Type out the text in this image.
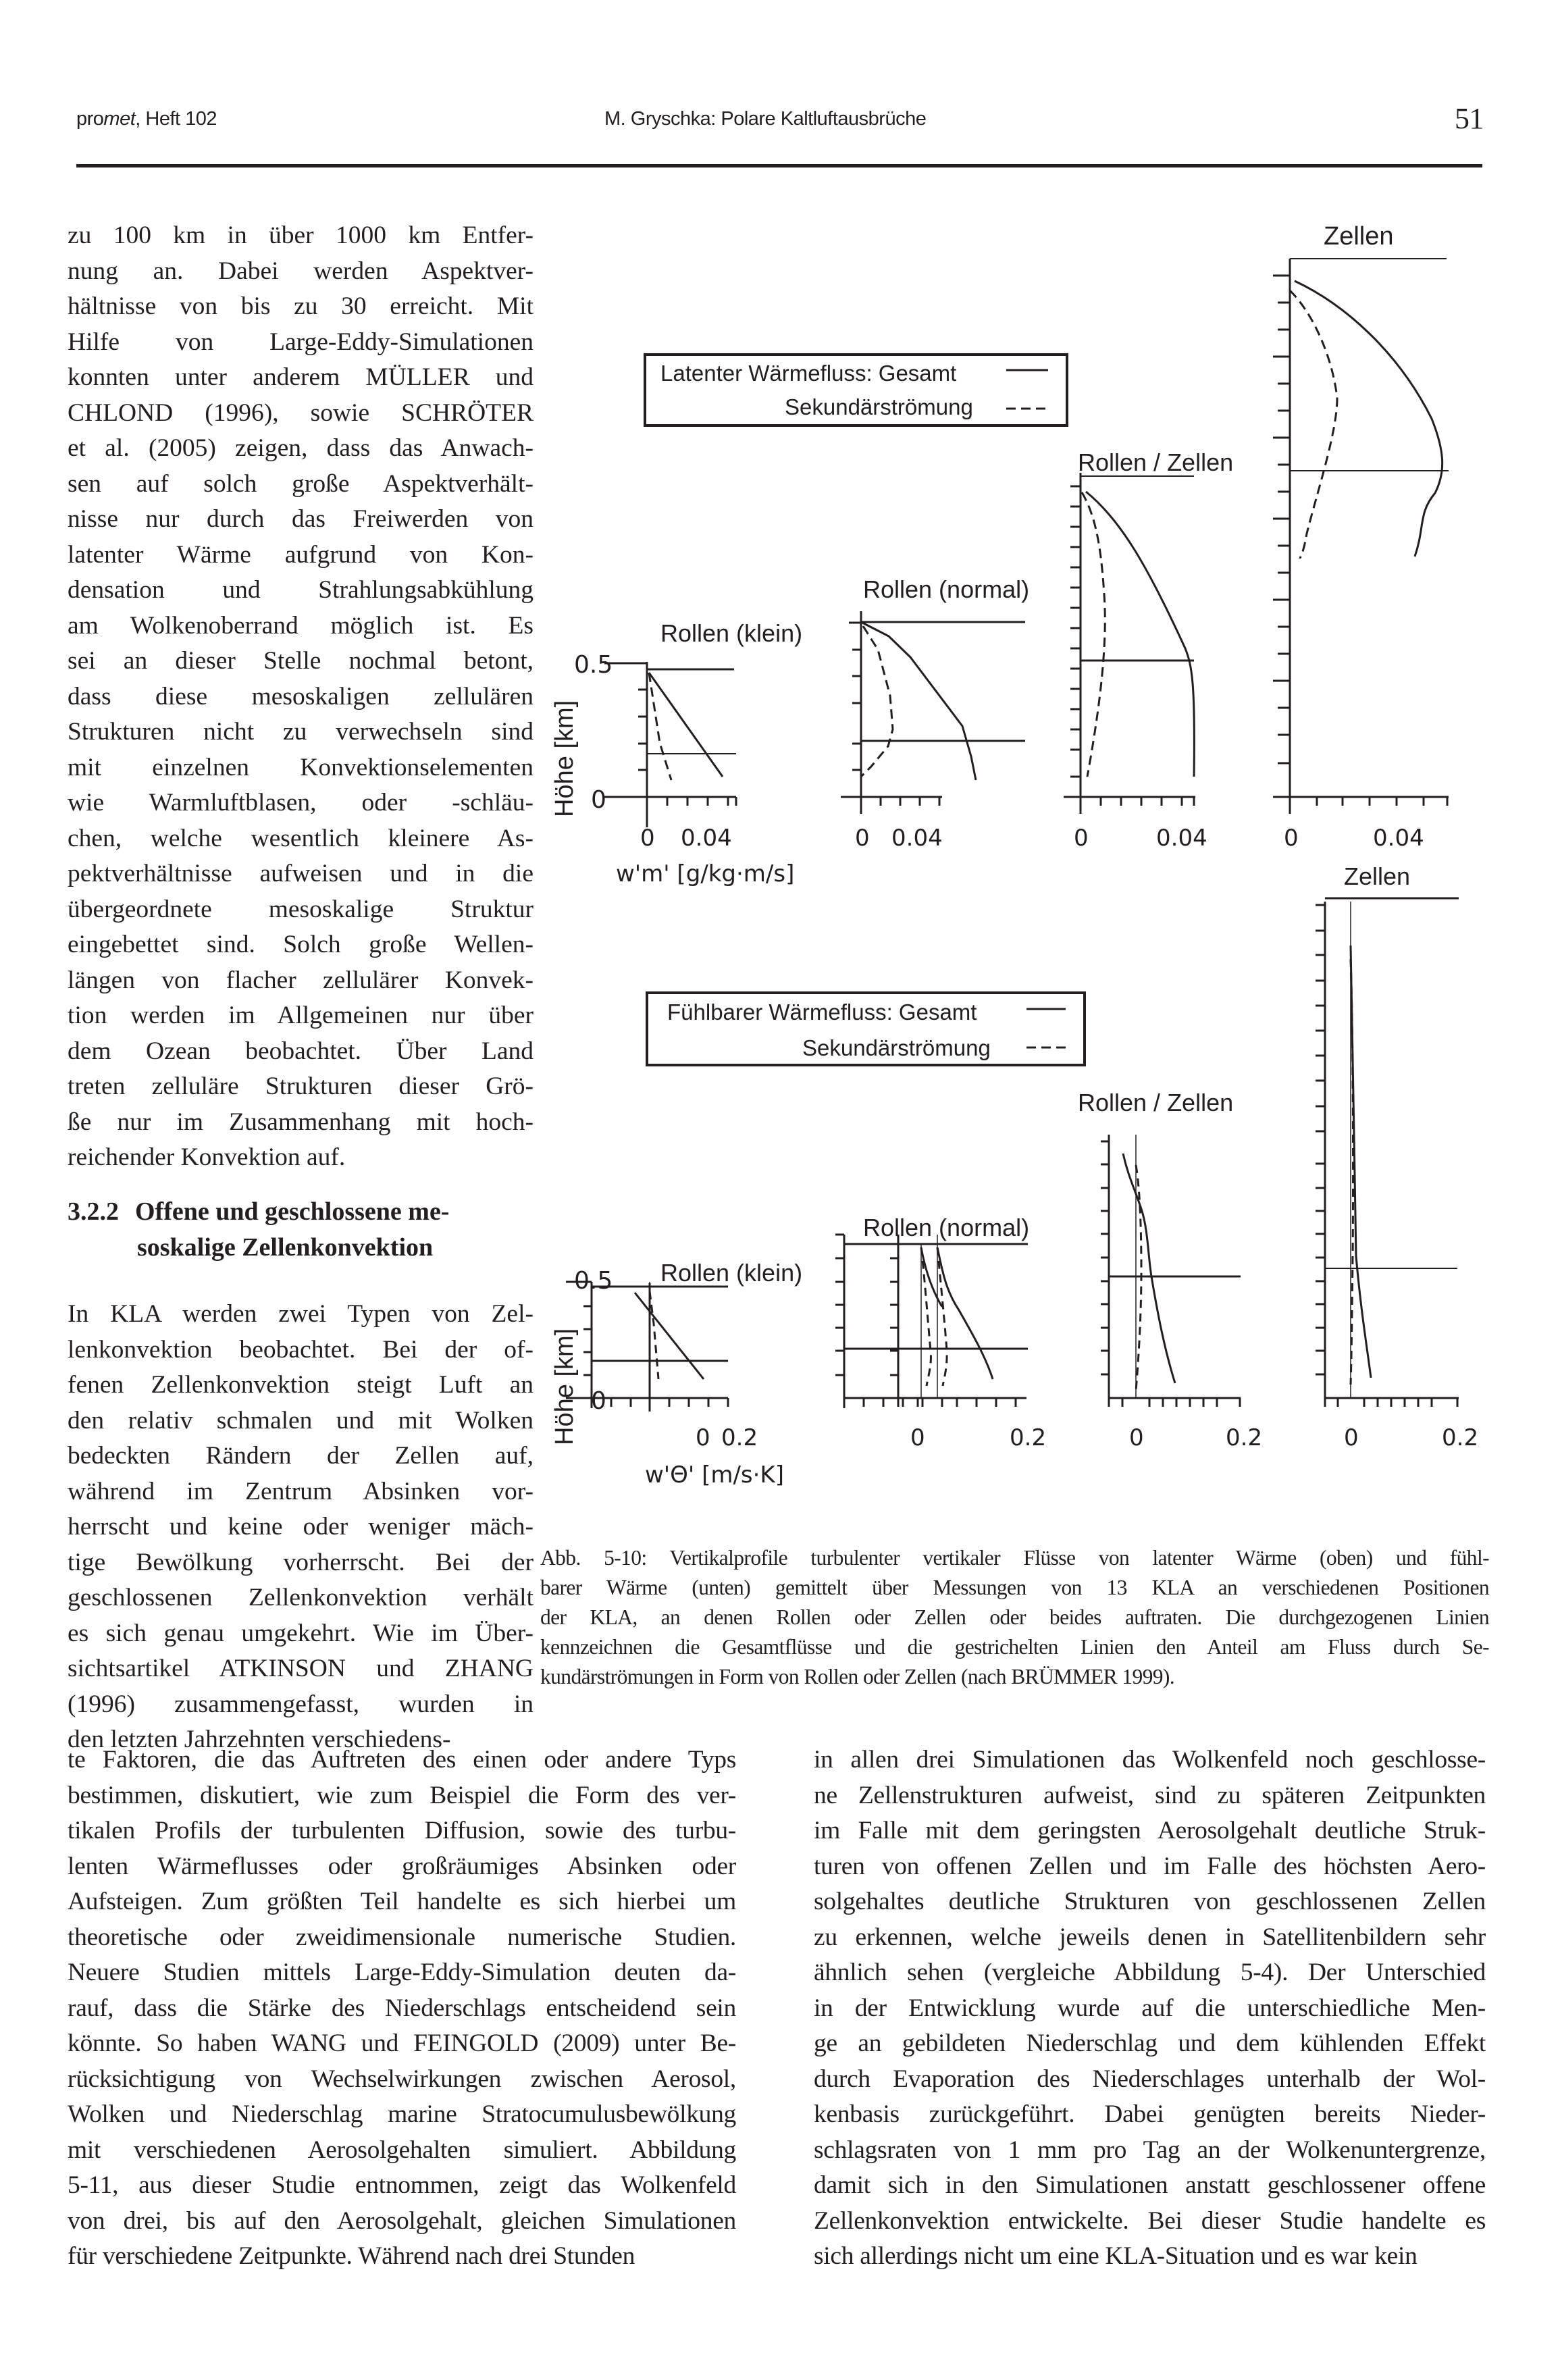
promet, Heft 102	M. Gryschka: Polare Kaltluftausbrüche	51
zu 100 km in über 1000 km Entfer-
nung an. Dabei werden Aspektver-
hältnisse von bis zu 30 erreicht. Mit
Hilfe von Large-Eddy-Simulationen
konnten unter anderem MÜLLER und
CHLOND (1996), sowie SCHRÖTER
et al. (2005) zeigen, dass das Anwach-
sen auf solch große Aspektverhält-
nisse nur durch das Freiwerden von
latenter Wärme aufgrund von Kon-
densation und Strahlungsabkühlung
am Wolkenoberrand möglich ist. Es
sei an dieser Stelle nochmal betont,
dass diese mesoskaligen zellulären
Strukturen nicht zu verwechseln sind
mit einzelnen Konvektionselementen
wie Warmluftblasen, oder -schläu-
chen, welche wesentlich kleinere As-
pektverhältnisse aufweisen und in die
übergeordnete mesoskalige Struktur
eingebettet sind. Solch große Wellen-
längen von flacher zellulärer Konvek-
tion werden im Allgemeinen nur über
dem Ozean beobachtet. Über Land
treten zelluläre Strukturen dieser Grö-
ße nur im Zusammenhang mit hoch-
reichender Konvektion auf.
3.2.2 Offene und geschlossene me-
soskalige Zellenkonvektion
In KLA werden zwei Typen von Zel-
lenkonvektion beobachtet. Bei der of-
fenen Zellenkonvektion steigt Luft an
den relativ schmalen und mit Wolken
bedeckten Rändern der Zellen auf,
während im Zentrum Absinken vor-
herrscht und keine oder weniger mäch-
tige Bewölkung vorherrscht. Bei der
geschlossenen Zellenkonvektion verhält
es sich genau umgekehrt. Wie im Über-
sichtsartikel ATKINSON und ZHANG
(1996) zusammengefasst, wurden in
den letzten Jahrzehnten verschiedens-
te Faktoren, die das Auftreten des einen oder andere Typs
bestimmen, diskutiert, wie zum Beispiel die Form des ver-
tikalen Profils der turbulenten Diffusion, sowie des turbu-
lenten Wärmeflusses oder großräumiges Absinken oder
Aufsteigen. Zum größten Teil handelte es sich hierbei um
theoretische oder zweidimensionale numerische Studien.
Neuere Studien mittels Large-Eddy-Simulation deuten da-
rauf, dass die Stärke des Niederschlags entscheidend sein
könnte. So haben WANG und FEINGOLD (2009) unter Be-
rücksichtigung von Wechselwirkungen zwischen Aerosol,
Wolken und Niederschlag marine Stratocumulusbewölkung
mit verschiedenen Aerosolgehalten simuliert. Abbildung
5-11, aus dieser Studie entnommen, zeigt das Wolkenfeld
von drei, bis auf den Aerosolgehalt, gleichen Simulationen
für verschiedene Zeitpunkte. Während nach drei Stunden
in allen drei Simulationen das Wolkenfeld noch geschlosse-
ne Zellenstrukturen aufweist, sind zu späteren Zeitpunkten
im Falle mit dem geringsten Aerosolgehalt deutliche Struk-
turen von offenen Zellen und im Falle des höchsten Aero-
solgehaltes deutliche Strukturen von geschlossenen Zellen
zu erkennen, welche jeweils denen in Satellitenbildern sehr
ähnlich sehen (vergleiche Abbildung 5-4). Der Unterschied
in der Entwicklung wurde auf die unterschiedliche Men-
ge an gebildeten Niederschlag und dem kühlenden Effekt
durch Evaporation des Niederschlages unterhalb der Wol-
kenbasis zurückgeführt. Dabei genügten bereits Nieder-
schlagsraten von 1 mm pro Tag an der Wolkenuntergrenze,
damit sich in den Simulationen anstatt geschlossener offene
Zellenkonvektion entwickelte. Bei dieser Studie handelte es
sich allerdings nicht um eine KLA-Situation und es war kein
Abb. 5-10: Vertikalprofile turbulenter vertikaler Flüsse von latenter Wärme (oben) und fühl-
barer Wärme (unten) gemittelt über Messungen von 13 KLA an verschiedenen Positionen
der KLA, an denen Rollen oder Zellen oder beides auftraten. Die durchgezogenen Linien
kennzeichnen die Gesamtflüsse und die gestrichelten Linien den Anteil am Fluss durch Se-
kundärströmungen in Form von Rollen oder Zellen (nach BRÜMMER 1999).
Latenter Wärmefluss: Gesamt
Sekundärströmung
Rollen (klein)
Rollen (normal)
Rollen / Zellen
Zellen
0.5
0
Höhe [km]
0 0.04	0 0.04	0	0.04	0	0.04
w'm' [g/kg·m/s]
Fühlbarer Wärmefluss: Gesamt
Sekundärströmung
Rollen (klein)
Rollen (normal)
Rollen / Zellen
Zellen
0.5
0
Höhe [km]	0 0.2	0	0.2	0	0.2	0	0.2
w'Θ' [m/s·K]
